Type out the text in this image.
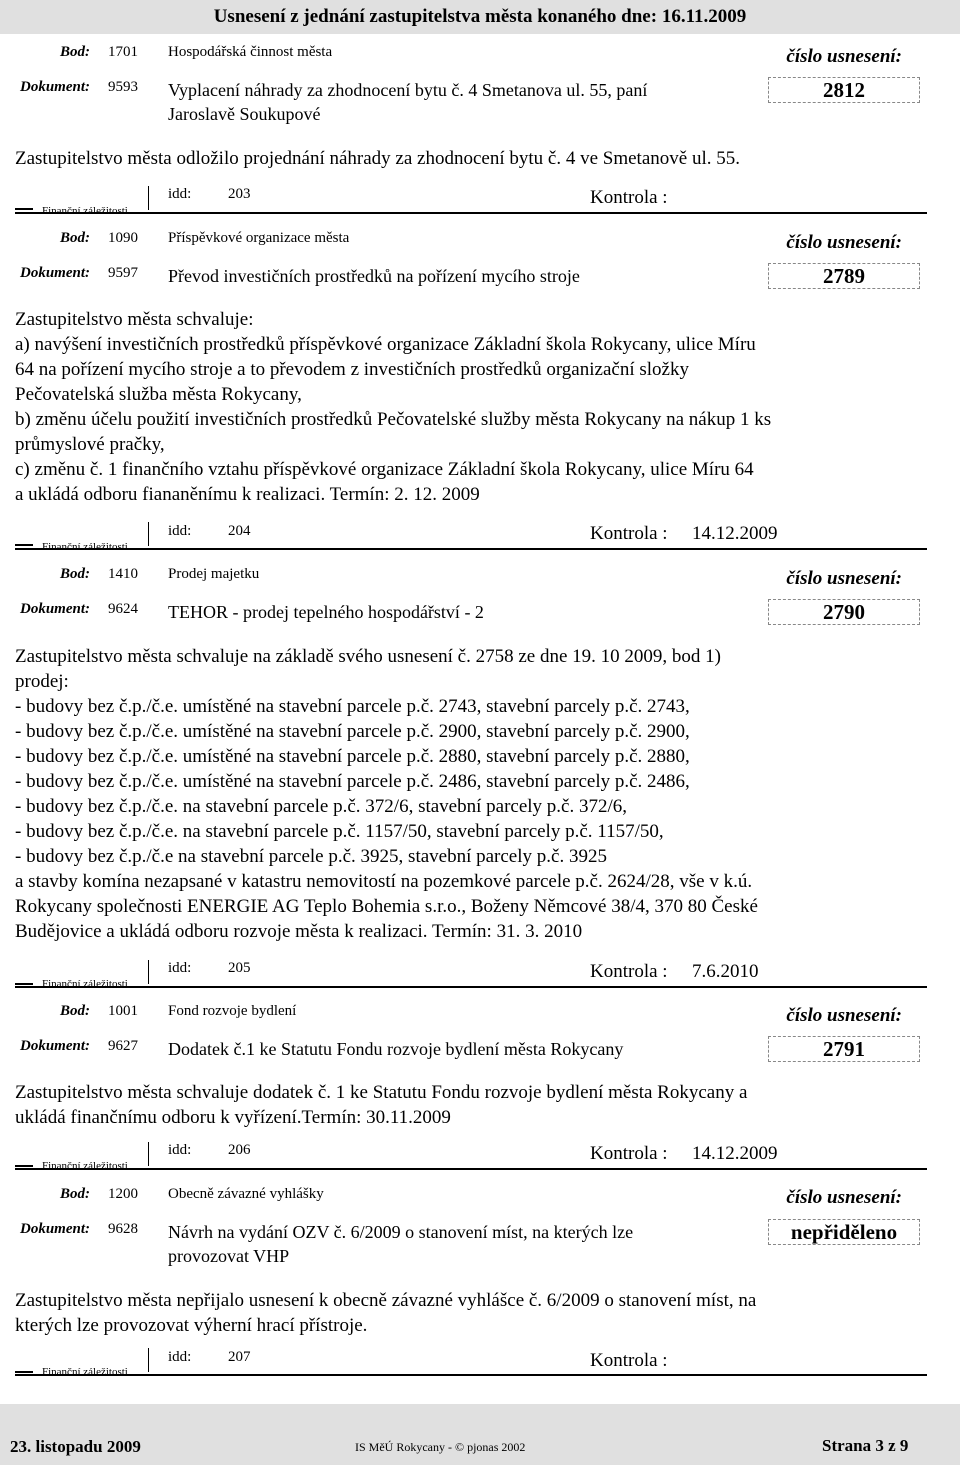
Usnesení z jednání zastupitelstva města konaného dne: 16.11.2009
Bod: 1701 Hospodářská činnost města	číslo usnesení:
Dokument: 9593 Vyplacení náhrady za zhodnocení bytu č. 4 Smetanova ul. 55, paní
Jaroslavě Soukupové
2812
Zastupitelstvo města odložilo projednání náhrady za zhodnocení bytu č. 4 ve Smetanově ul. 55.
Finanční záležitosti
idd: 203	Kontrola :
Bod: 1090 Příspěvkové organizace města	číslo usnesení:
Dokument: 9597 Převod investičních prostředků na pořízení mycího stroje	2789
Zastupitelstvo města schvaluje:
a) navýšení investičních prostředků příspěvkové organizace Základní škola Rokycany, ulice Míru
64 na pořízení mycího stroje a to převodem z investičních prostředků organizační složky
Pečovatelská služba města Rokycany,
b) změnu účelu použití investičních prostředků Pečovatelské služby města Rokycany na nákup 1 ks
průmyslové pračky,
c) změnu č. 1 finančního vztahu příspěvkové organizace Základní škola Rokycany, ulice Míru 64
a ukládá odboru fiananěnímu k realizaci. Termín: 2. 12. 2009
Finanční záležitosti
idd: 204	Kontrola : 14.12.2009
Bod: 1410 Prodej majetku	číslo usnesení:
Dokument: 9624 TEHOR - prodej tepelného hospodářství - 2	2790
Zastupitelstvo města schvaluje na základě svého usnesení č. 2758 ze dne 19. 10 2009, bod 1)
prodej:
- budovy bez č.p./č.e. umístěné na stavební parcele p.č. 2743, stavební parcely p.č. 2743,
- budovy bez č.p./č.e. umístěné na stavební parcele p.č. 2900, stavební parcely p.č. 2900,
- budovy bez č.p./č.e. umístěné na stavební parcele p.č. 2880, stavební parcely p.č. 2880,
- budovy bez č.p./č.e. umístěné na stavební parcele p.č. 2486, stavební parcely p.č. 2486,
- budovy bez č.p./č.e. na stavební parcele p.č. 372/6, stavební parcely p.č. 372/6,
- budovy bez č.p./č.e. na stavební parcele p.č. 1157/50, stavební parcely p.č. 1157/50,
- budovy bez č.p./č.e na stavební parcele p.č. 3925, stavební parcely p.č. 3925
a stavby komína nezapsané v katastru nemovitostí na pozemkové parcele p.č. 2624/28, vše v k.ú.
Rokycany společnosti ENERGIE AG Teplo Bohemia s.r.o., Boženy Němcové 38/4, 370 80 České
Budějovice a ukládá odboru rozvoje města k realizaci. Termín: 31. 3. 2010
Finanční záležitosti
idd: 205	Kontrola : 7.6.2010
Bod: 1001 Fond rozvoje bydlení	číslo usnesení:
Dokument: 9627 Dodatek č.1 ke Statutu Fondu rozvoje bydlení města Rokycany	2791
Zastupitelstvo města schvaluje dodatek č. 1 ke Statutu Fondu rozvoje bydlení města Rokycany a
ukládá finančnímu odboru k vyřízení.Termín: 30.11.2009
Finanční záležitosti
idd: 206	Kontrola : 14.12.2009
Bod: 1200 Obecně závazné vyhlášky	číslo usnesení:
Dokument: 9628 Návrh na vydání OZV č. 6/2009 o stanovení míst, na kterých lze
provozovat VHP
nepřiděleno
Zastupitelstvo města nepřijalo usnesení k obecně závazné vyhlášce č. 6/2009 o stanovení míst, na
kterých lze provozovat výherní hrací přístroje.
Finanční záležitosti
idd: 207	Kontrola :
23. listopadu 2009	IS MěÚ Rokycany - © pjonas 2002	Strana 3 z 9
